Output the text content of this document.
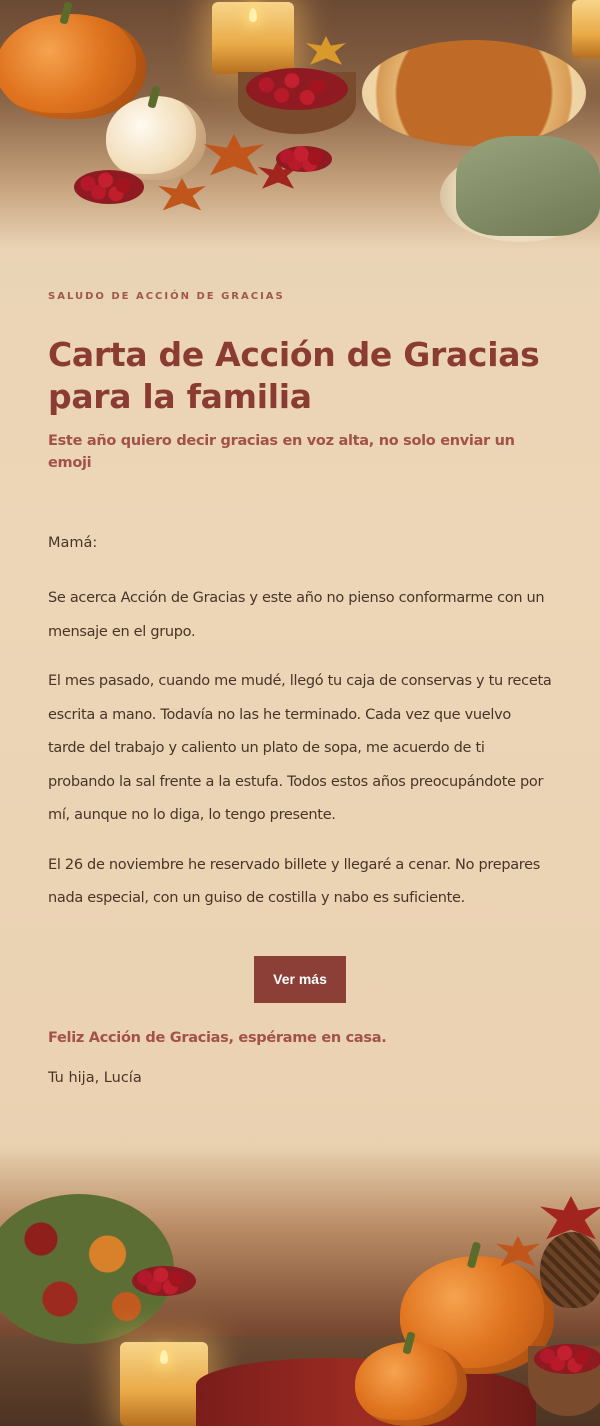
SALUDO DE ACCIÓN DE GRACIAS

Carta de Acción de Gracias para la familia

Este año quiero decir gracias en voz alta, no solo enviar un emoji

Mamá:

Se acerca Acción de Gracias y este año no pienso conformarme con un mensaje en el grupo.

El mes pasado, cuando me mudé, llegó tu caja de conservas y tu receta escrita a mano. Todavía no las he terminado. Cada vez que vuelvo tarde del trabajo y caliento un plato de sopa, me acuerdo de ti probando la sal frente a la estufa. Todos estos años preocupándote por mí, aunque no lo diga, lo tengo presente.

El 26 de noviembre he reservado billete y llegaré a cenar. No prepares nada especial, con un guiso de costilla y nabo es suficiente.

Ver más

Feliz Acción de Gracias, espérame en casa.

Tu hija, Lucía
